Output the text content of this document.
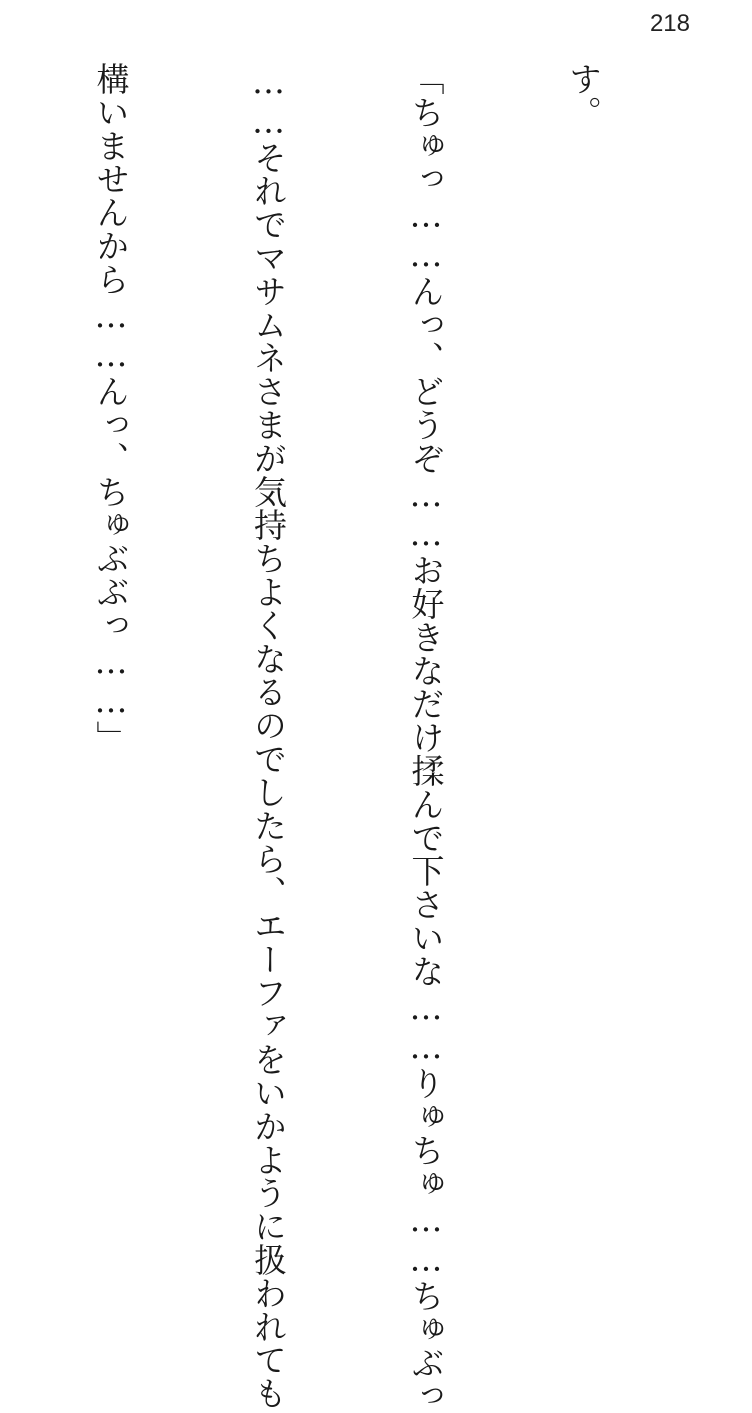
218

す。

「ちゅっ……んっ、どうぞ……お好きなだけ揉んで下さいな……りゅちゅ……ちゅぶっ

……それでマサムネさまが気持ちよくなるのでしたら、エーファをいかように扱われても

構いませんから……んっ、ちゅぶぶっ……」
